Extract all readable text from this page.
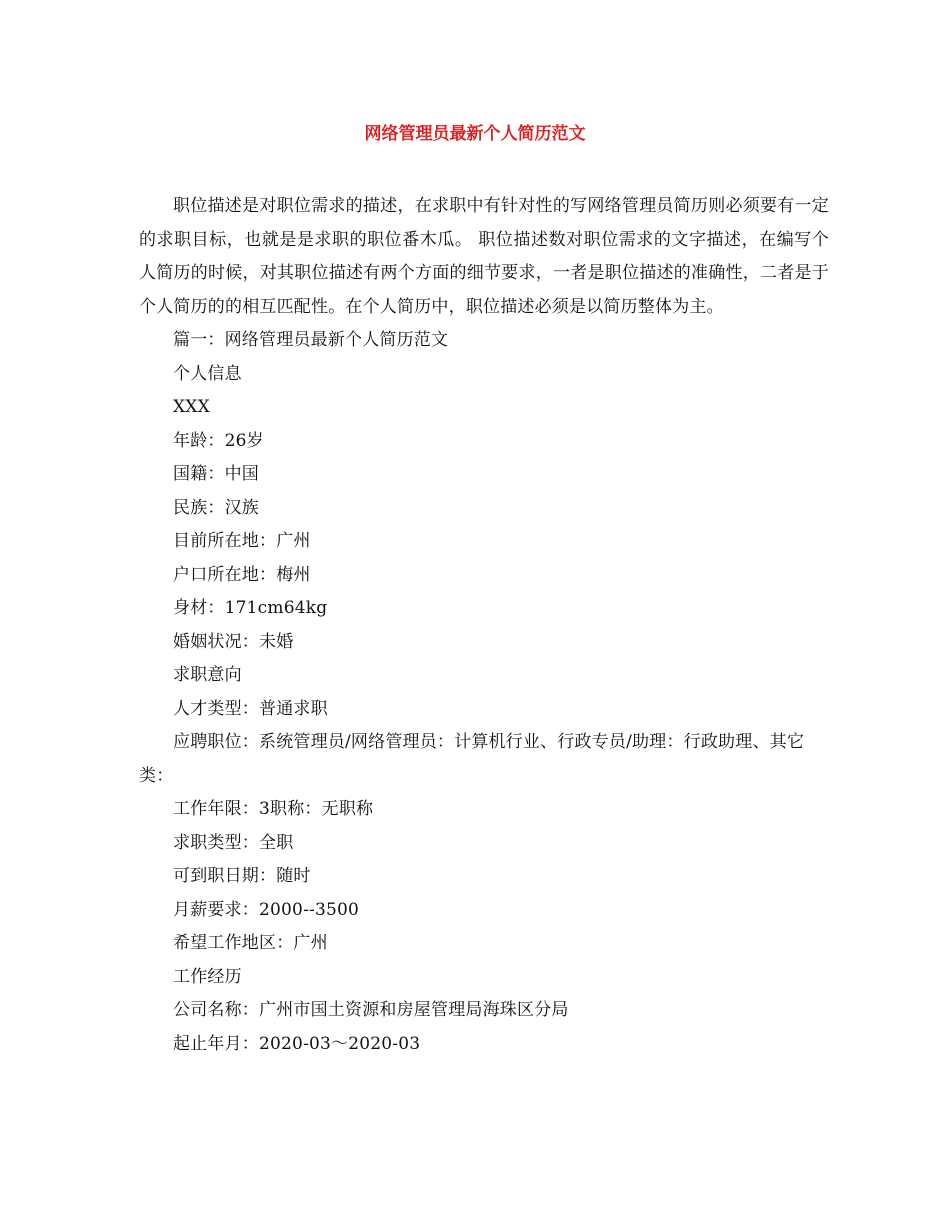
网络管理员最新个人简历范文

职位描述是对职位需求的描述，在求职中有针对性的写网络管理员简历则必须要有一定的求职目标，也就是是求职的职位番木瓜。 职位描述数对职位需求的文字描述，在编写个人简历的时候，对其职位描述有两个方面的细节要求，一者是职位描述的准确性，二者是于个人简历的的相互匹配性。在个人简历中，职位描述必须是以简历整体为主。

篇一：网络管理员最新个人简历范文

个人信息

XXX

年龄：26岁

国籍：中国

民族：汉族

目前所在地：广州

户口所在地：梅州

身材：171cm64kg

婚姻状况：未婚

求职意向

人才类型：普通求职

应聘职位：系统管理员/网络管理员：计算机行业、行政专员/助理：行政助理、其它类：

工作年限：3职称：无职称

求职类型：全职

可到职日期：随时

月薪要求：2000--3500

希望工作地区：广州

工作经历

公司名称：广州市国土资源和房屋管理局海珠区分局

起止年月：2020-03～2020-03
